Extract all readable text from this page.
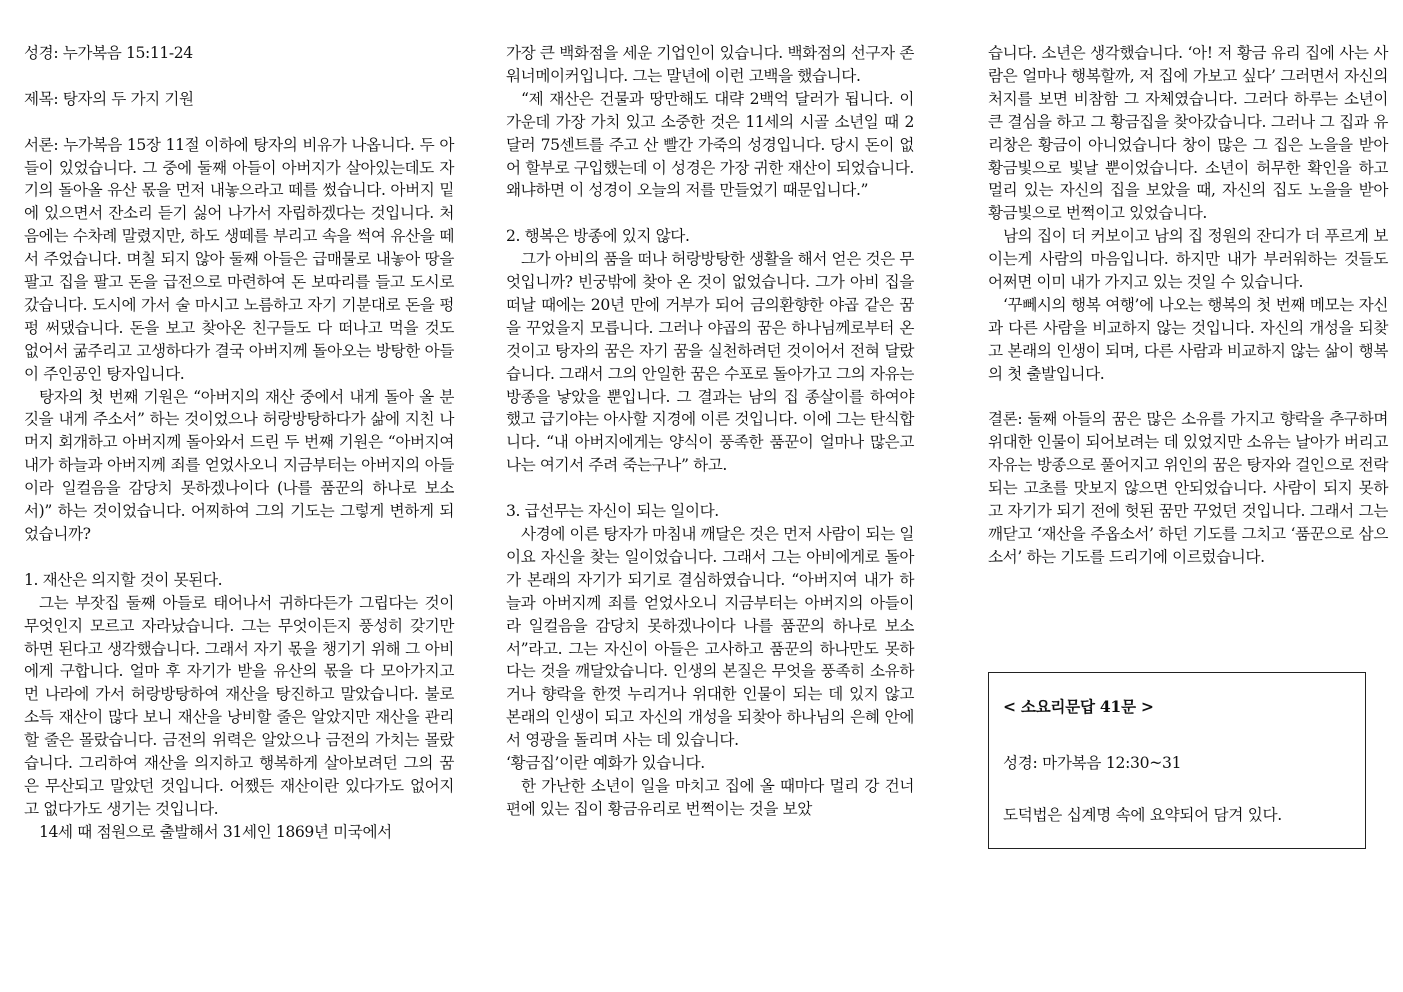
성경: 누가복음 15:11-24

제목: 탕자의 두 가지 기원

서론: 누가복음 15장 11절 이하에 탕자의 비유가 나옵니다. 두 아들이 있었습니다. 그 중에 둘째 아들이 아버지가 살아있는데도 자기의 돌아올 유산 몫을 먼저 내놓으라고 떼를 썼습니다. 아버지 밑에 있으면서 잔소리 듣기 싫어 나가서 자립하겠다는 것입니다. 처음에는 수차례 말렸지만, 하도 생떼를 부리고 속을 썩여 유산을 떼서 주었습니다. 며칠 되지 않아 둘째 아들은 급매물로 내놓아 땅을 팔고 집을 팔고 돈을 급전으로 마련하여 돈 보따리를 들고 도시로 갔습니다. 도시에 가서 술 마시고 노름하고 자기 기분대로 돈을 펑펑 써댔습니다. 돈을 보고 찾아온 친구들도 다 떠나고 먹을 것도 없어서 굶주리고 고생하다가 결국 아버지께 돌아오는 방탕한 아들이 주인공인 탕자입니다.

탕자의 첫 번째 기원은 “아버지의 재산 중에서 내게 돌아 올 분깃을 내게 주소서” 하는 것이었으나 허랑방탕하다가 삶에 지친 나머지 회개하고 아버지께 돌아와서 드린 두 번째 기원은 “아버지여 내가 하늘과 아버지께 죄를 얻었사오니 지금부터는 아버지의 아들이라 일컬음을 감당치 못하겠나이다 (나를 품꾼의 하나로 보소서)” 하는 것이었습니다. 어찌하여 그의 기도는 그렇게 변하게 되었습니까?

1. 재산은 의지할 것이 못된다.

그는 부잣집 둘째 아들로 태어나서 귀하다든가 그립다는 것이 무엇인지 모르고 자라났습니다. 그는 무엇이든지 풍성히 갖기만 하면 된다고 생각했습니다. 그래서 자기 몫을 챙기기 위해 그 아비에게 구합니다. 얼마 후 자기가 받을 유산의 몫을 다 모아가지고 먼 나라에 가서 허랑방탕하여 재산을 탕진하고 말았습니다. 불로소득 재산이 많다 보니 재산을 낭비할 줄은 알았지만 재산을 관리할 줄은 몰랐습니다. 금전의 위력은 알았으나 금전의 가치는 몰랐습니다. 그리하여 재산을 의지하고 행복하게 살아보려던 그의 꿈은 무산되고 말았던 것입니다. 어쨌든 재산이란 있다가도 없어지고 없다가도 생기는 것입니다.

14세 때 점원으로 출발해서 31세인 1869년 미국에서

가장 큰 백화점을 세운 기업인이 있습니다. 백화점의 선구자 존 워너메이커입니다. 그는 말년에 이런 고백을 했습니다.

“제 재산은 건물과 땅만해도 대략 2백억 달러가 됩니다. 이 가운데 가장 가치 있고 소중한 것은 11세의 시골 소년일 때 2달러 75센트를 주고 산 빨간 가죽의 성경입니다. 당시 돈이 없어 할부로 구입했는데 이 성경은 가장 귀한 재산이 되었습니다. 왜냐하면 이 성경이 오늘의 저를 만들었기 때문입니다.”

2. 행복은 방종에 있지 않다.

그가 아비의 품을 떠나 허랑방탕한 생활을 해서 얻은 것은 무엇입니까? 빈궁밖에 찾아 온 것이 없었습니다. 그가 아비 집을 떠날 때에는 20년 만에 거부가 되어 금의환향한 야곱 같은 꿈을 꾸었을지 모릅니다. 그러나 야곱의 꿈은 하나님께로부터 온 것이고 탕자의 꿈은 자기 꿈을 실천하려던 것이어서 전혀 달랐습니다. 그래서 그의 안일한 꿈은 수포로 돌아가고 그의 자유는 방종을 낳았을 뿐입니다. 그 결과는 남의 집 종살이를 하여야 했고 급기야는 아사할 지경에 이른 것입니다. 이에 그는 탄식합니다. “내 아버지에게는 양식이 풍족한 품꾼이 얼마나 많은고 나는 여기서 주려 죽는구나” 하고.

3. 급선무는 자신이 되는 일이다.

사경에 이른 탕자가 마침내 깨달은 것은 먼저 사람이 되는 일이요 자신을 찾는 일이었습니다. 그래서 그는 아비에게로 돌아가 본래의 자기가 되기로 결심하였습니다. “아버지여 내가 하늘과 아버지께 죄를 얻었사오니 지금부터는 아버지의 아들이라 일컬음을 감당치 못하겠나이다 나를 품꾼의 하나로 보소서”라고. 그는 자신이 아들은 고사하고 품꾼의 하나만도 못하다는 것을 깨달았습니다. 인생의 본질은 무엇을 풍족히 소유하거나 향락을 한껏 누리거나 위대한 인물이 되는 데 있지 않고 본래의 인생이 되고 자신의 개성을 되찾아 하나님의 은혜 안에서 영광을 돌리며 사는 데 있습니다.

‘황금집’이란 예화가 있습니다.

한 가난한 소년이 일을 마치고 집에 올 때마다 멀리 강 건너편에 있는 집이 황금유리로 번쩍이는 것을 보았

습니다. 소년은 생각했습니다. ‘아! 저 황금 유리 집에 사는 사람은 얼마나 행복할까, 저 집에 가보고 싶다’ 그러면서 자신의 처지를 보면 비참함 그 자체였습니다. 그러다 하루는 소년이 큰 결심을 하고 그 황금집을 찾아갔습니다. 그러나 그 집과 유리창은 황금이 아니었습니다 창이 많은 그 집은 노을을 받아 황금빛으로 빛날 뿐이었습니다. 소년이 허무한 확인을 하고 멀리 있는 자신의 집을 보았을 때, 자신의 집도 노을을 받아 황금빛으로 번쩍이고 있었습니다.

남의 집이 더 커보이고 남의 집 정원의 잔디가 더 푸르게 보이는게 사람의 마음입니다. 하지만 내가 부러워하는 것들도 어쩌면 이미 내가 가지고 있는 것일 수 있습니다.

‘꾸뻬시의 행복 여행’에 나오는 행복의 첫 번째 메모는 자신과 다른 사람을 비교하지 않는 것입니다. 자신의 개성을 되찾고 본래의 인생이 되며, 다른 사람과 비교하지 않는 삶이 행복의 첫 출발입니다.

결론: 둘째 아들의 꿈은 많은 소유를 가지고 향락을 추구하며 위대한 인물이 되어보려는 데 있었지만 소유는 날아가 버리고 자유는 방종으로 풀어지고 위인의 꿈은 탕자와 걸인으로 전락되는 고초를 맛보지 않으면 안되었습니다. 사람이 되지 못하고 자기가 되기 전에 헛된 꿈만 꾸었던 것입니다. 그래서 그는 깨닫고 ‘재산을 주옵소서’ 하던 기도를 그치고 ‘품꾼으로 삼으소서’ 하는 기도를 드리기에 이르렀습니다.

< 소요리문답 41문 >
성경: 마가복음 12:30~31
도덕법은 십계명 속에 요약되어 담겨 있다.
